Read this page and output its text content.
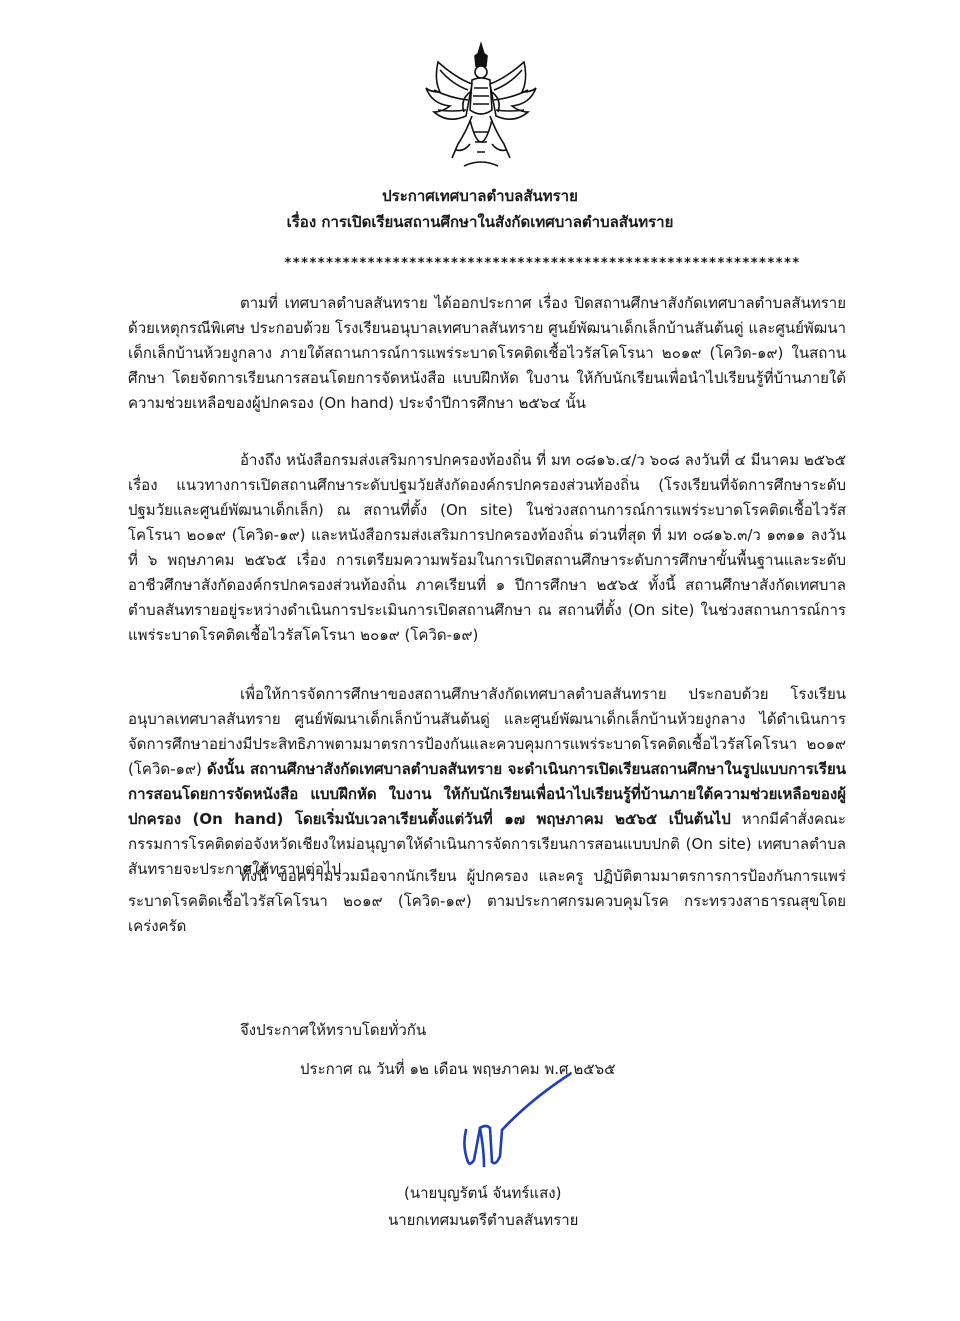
ประกาศเทศบาลตำบลสันทราย
เรื่อง การเปิดเรียนสถานศึกษาในสังกัดเทศบาลตำบลสันทราย
**************************************************************

ตามที่ เทศบาลตำบลสันทราย ได้ออกประกาศ เรื่อง ปิดสถานศึกษาสังกัดเทศบาลตำบลสันทรายด้วยเหตุกรณีพิเศษ ประกอบด้วย โรงเรียนอนุบาลเทศบาลสันทราย ศูนย์พัฒนาเด็กเล็กบ้านสันต้นดู่ และศูนย์พัฒนาเด็กเล็กบ้านห้วยงูกลาง ภายใต้สถานการณ์การแพร่ระบาดโรคติดเชื้อไวรัสโคโรนา ๒๐๑๙ (โควิด-๑๙) ในสถานศึกษา โดยจัดการเรียนการสอนโดยการจัดหนังสือ แบบฝึกหัด ใบงาน ให้กับนักเรียนเพื่อนำไปเรียนรู้ที่บ้านภายใต้ความช่วยเหลือของผู้ปกครอง (On hand) ประจำปีการศึกษา ๒๕๖๔ นั้น

อ้างถึง หนังสือกรมส่งเสริมการปกครองท้องถิ่น ที่ มท ๐๘๑๖.๔/ว ๖๐๘ ลงวันที่ ๔ มีนาคม ๒๕๖๕ เรื่อง แนวทางการเปิดสถานศึกษาระดับปฐมวัยสังกัดองค์กรปกครองส่วนท้องถิ่น (โรงเรียนที่จัดการศึกษาระดับปฐมวัยและศูนย์พัฒนาเด็กเล็ก) ณ สถานที่ตั้ง (On site) ในช่วงสถานการณ์การแพร่ระบาดโรคติดเชื้อไวรัสโคโรนา ๒๐๑๙ (โควิด-๑๙) และหนังสือกรมส่งเสริมการปกครองท้องถิ่น ด่วนที่สุด ที่ มท ๐๘๑๖.๓/ว ๑๓๑๑ ลงวันที่ ๖ พฤษภาคม ๒๕๖๕ เรื่อง การเตรียมความพร้อมในการเปิดสถานศึกษาระดับการศึกษาขั้นพื้นฐานและระดับอาชีวศึกษาสังกัดองค์กรปกครองส่วนท้องถิ่น ภาคเรียนที่ ๑ ปีการศึกษา ๒๕๖๕ ทั้งนี้ สถานศึกษาสังกัดเทศบาลตำบลสันทรายอยู่ระหว่างดำเนินการประเมินการเปิดสถานศึกษา ณ สถานที่ตั้ง (On site) ในช่วงสถานการณ์การแพร่ระบาดโรคติดเชื้อไวรัสโคโรนา ๒๐๑๙ (โควิด-๑๙)

เพื่อให้การจัดการศึกษาของสถานศึกษาสังกัดเทศบาลตำบลสันทราย ประกอบด้วย โรงเรียนอนุบาลเทศบาลสันทราย ศูนย์พัฒนาเด็กเล็กบ้านสันต้นดู่ และศูนย์พัฒนาเด็กเล็กบ้านห้วยงูกลาง ได้ดำเนินการจัดการศึกษาอย่างมีประสิทธิภาพตามมาตรการป้องกันและควบคุมการแพร่ระบาดโรคติดเชื้อไวรัสโคโรนา ๒๐๑๙ (โควิด-๑๙) ดังนั้น สถานศึกษาสังกัดเทศบาลตำบลสันทราย จะดำเนินการเปิดเรียนสถานศึกษาในรูปแบบการเรียนการสอนโดยการจัดหนังสือ แบบฝึกหัด ใบงาน ให้กับนักเรียนเพื่อนำไปเรียนรู้ที่บ้านภายใต้ความช่วยเหลือของผู้ปกครอง (On hand) โดยเริ่มนับเวลาเรียนตั้งแต่วันที่ ๑๗ พฤษภาคม ๒๕๖๕ เป็นต้นไป หากมีคำสั่งคณะกรรมการโรคติดต่อจังหวัดเชียงใหม่อนุญาตให้ดำเนินการจัดการเรียนการสอนแบบปกติ (On site) เทศบาลตำบลสันทรายจะประกาศให้ทราบต่อไป

ทั้งนี้ ขอความร่วมมือจากนักเรียน ผู้ปกครอง และครู ปฏิบัติตามมาตรการการป้องกันการแพร่ระบาดโรคติดเชื้อไวรัสโคโรนา ๒๐๑๙ (โควิด-๑๙) ตามประกาศกรมควบคุมโรค กระทรวงสาธารณสุขโดยเคร่งครัด

จึงประกาศให้ทราบโดยทั่วกัน
ประกาศ ณ วันที่ ๑๒ เดือน พฤษภาคม พ.ศ.๒๕๖๕
(นายบุญรัตน์ จันทร์แสง)
นายกเทศมนตรีตำบลสันทราย
